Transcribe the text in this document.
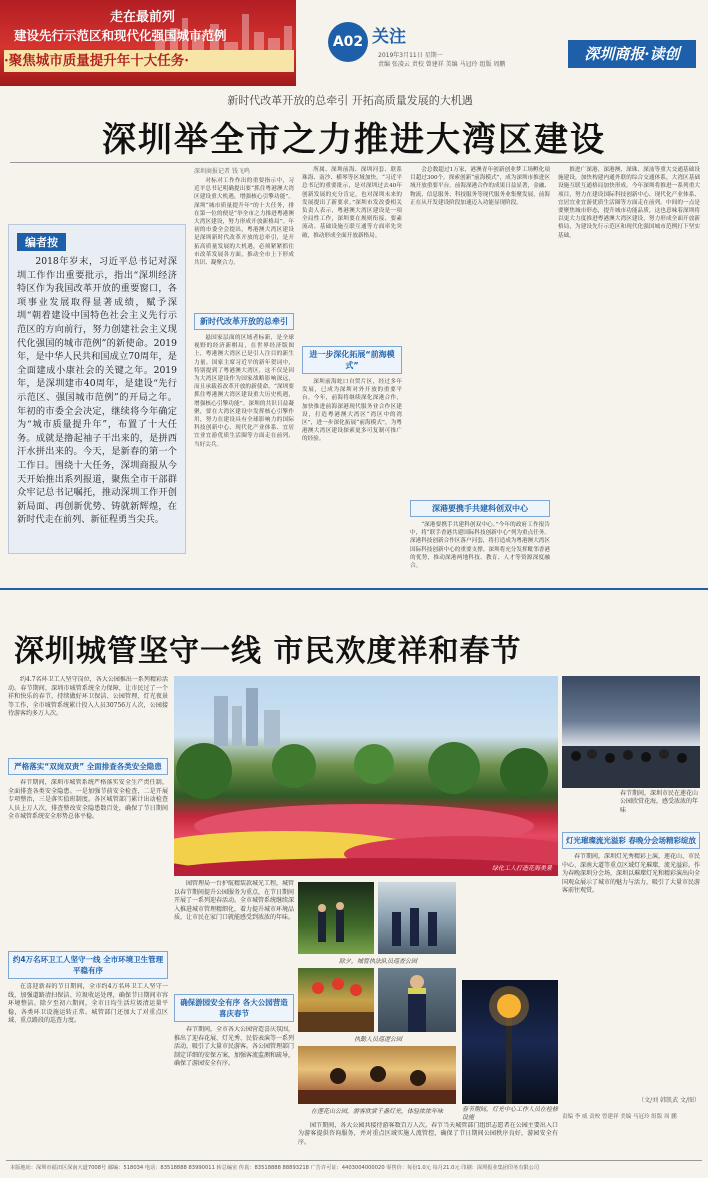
走在最前列
建设先行示范区和现代化强国城市范例
·聚焦城市质量提升年十大任务·
A02 关注
2019年3月11日 星期一
责编 张凌云 责校 曾建祥 美编 马冠玲 组版 周鹏
深圳商报·读创
新时代改革开放的总牵引 开拓高质量发展的大机遇
深圳举全市之力推进大湾区建设
编者按
2018年岁末，习近平总书记对深圳工作作出重要批示，指出“深圳经济特区作为我国改革开放的重要窗口，各项事业发展取得显著成绩，赋予深圳“朝着建设中国特色社会主义先行示范区的方向前行，努力创建社会主义现代化强国的城市范例”的新使命。2019年，是中华人民共和国成立70周年，是全面建成小康社会的关键之年。2019年，是深圳建市40周年，是建设“先行示范区、强国城市范例”的开局之年。年初的市委全会决定，继续将今年确定为“城市质量提升年”，布置了十大任务。成就是撸起袖子干出来的，是拼西汗水拼出来的。今天，是新春的第一个工作日。围绕十大任务，深圳商报从今天开始推出系列报道，聚焦全市干部群众牢记总书记嘱托，推动深圳工作开创新局面、再创新优势、铸就新辉煌，在新时代走在前列、新征程勇当尖兵。
深圳商报记者 钱飞鸣
对标对工作作出的重要指示中，习近平总书记明确提出要“抓住粤港澳大湾区建设重大机遇，增强核心引擎功能”。深圳“城市质量提升年”的十大任务，排在第一位的便是“举全市之力推进粤港澳大湾区建设，努力形成开放新格局”。年初的市委全会提出，粤港澳大湾区建设是深圳新时代改革开放的总牵引，是开拓高质量发展的大机遇，必须紧紧抓住市改革发展各方面，推动全市上下形成共识、凝聚合力。
新时代改革开放的总牵引
悬国家层面的区域者标新，是全球视野的经济新棋局，在世界经济版图上，粤港澳大湾区已是引人注目的新生力量。国家主席习近平的新年贺词中，特别提到了粤港澳大湾区，这不仅是因为大湾区建设作为国家战略影响深远，而且承载着改革开放的新使命。“深圳要抓住粤港澳大湾区建设重大历史机遇，增强核心引擎功能”。深圳的共识日益凝聚，要在大湾区建设中发挥核心引擎作用，努力在建设具有全球影响力的国际科技创新中心、现代化产业体系、宜居宜业宜游优质生活圈等方面走在前列、当好尖兵。
所属、深圳前海、深圳河套、联系珠海、南沙、横琴等区域加快。“习近平总书记的重要批示，是对深圳过去40年创新发展的充分肯定，也对深圳未来的发展提出了新要求。”深圳市发改委相关负责人表示，粤港澳大湾区建设是一项全局性工作，深圳要在规则衔接、要素流动、基础设施互联互通等方面率先突破，推动形成全面开放新格局。
进一步深化拓展“前海模式”
深圳前海蛇口自贸片区，经过多年发展，已成为深圳对外开放的重要平台。今年，前海将继续深化深港合作，加快推进前海深港现代服务业合作区建设，打造粤港澳大湾区“湾区中的湾区”，进一步深化拓展“前海模式”，为粤港澳大湾区建设探索更多可复制可推广的经验。
会总数超过1万家，港澳青年创新创业梦工场孵化项目超过300个。探索创新“前海模式”，成为深圳市推进区域开放重要平台。前海深港合作的成果日益显著，金融、物流、信息服务、科技服务等现代服务业集聚发展，前海正在从开发建设阶段加速迈入功能显现阶段。
深港要携手共建科创双中心
“深港要携手共建科创双中心。”今年的政府工作报告中，将“联手香港共建国际科技创新中心”列为重点任务。深港科技创新合作区落户河套，将打造成为粤港澳大湾区国际科技创新中心的重要支撑。深圳将充分发挥毗邻香港的优势，推动深港两地科技、教育、人才等资源深度融合。
推进广深港、深港澳、深珠、深汕等重大交通基础设施建设，加快构建内通外联的综合交通体系，大湾区基础设施互联互通格局加快形成。今年深圳将推进一系列重大项目，努力在建设国际科技创新中心、现代化产业体系、宜居宜业宜游优质生活圈等方面走在前列。中间的一点是要聚焦城市形态，提升城市功能品质。这也意味着深圳将以更大力度推进粤港澳大湾区建设，努力形成全面开放新格局，为建设先行示范区和现代化强国城市范例打下坚实基础。
深圳城管坚守一线 市民欢度祥和春节
约4.7名环卫工人坚守岗位，各大公园推出一系列精彩活动。春节期间，深圳市城管系统全力保障，让市民过了一个祥和快乐的春节，持续做好环卫保洁、公园管理、灯光夜景等工作，全市城管系统累计投入人员30756万人次，公园接待游客约多万人次。
严格落实“双岗双责” 全面排查各类安全隐患
春节期间，深圳市城管系统严格落实安全生产责任制，全面排查各类安全隐患。一是加强节前安全检查，二是开展专项整治，三是落实值班制度。各区城管部门累计出动检查人员上万人次，排查整改安全隐患数百处，确保了节日期间全市城管系统安全形势总体平稳。
约4万名环卫工人坚守一线 全市环境卫生管理平稳有序
在喜迎新春的节日期间，全市约4万名环卫工人坚守一线，加强道路清扫保洁、垃圾收运处理，确保节日期间市容环境整洁。除夕至初六期间，全市日均生活垃圾清运量平稳，各类环卫设施运转正常。城管部门还加大了对重点区域、重点路段的巡查力度。
绿化工人打造花海美景
春节期间，深圳市民在莲花山公园欣赏花海，感受浓浓的年味
园管理局一台护航精装款城光工程，城管以春节期间提升公园服务为重点，在节日期间开展了一系列迎春活动。全市城管系统继续深入推进城市管理精细化，着力提升城市环境品质，让市民在家门口就能感受到浓浓的年味。
确保游园安全有序 各大公园营造喜庆春节
春节期间，全市各大公园营造喜庆氛围，推出了迎春花展、灯光秀、民俗表演等一系列活动，吸引了大量市民游客。各公园管理部门制定详细的安保方案，加强客流监测和疏导，确保了游园安全有序。
除夕，城管执法队员巡查公园
执勤人员巡逻公园
在莲花山公园，游客欣赏千盏灯光，体验浓浓年味	春节期间，灯光中心工作人员在检修设施
园节期间，各大公园共接待游客数百万人次。春节当天城管部门组织志愿者在公园主要出入口为游客提供咨询服务，并对重点区域实施人流管控，确保了节日期间公园秩序良好，游园安全有序。
灯光璀璨流光溢彩 春晚分会场精彩绽放
春节期间，深圳灯光秀精彩上演，莲花山、市民中心、深南大道等重点区域灯光璀璨，流光溢彩。作为春晚深圳分会场，深圳以璀璨灯光和精彩演出向全国观众展示了城市的魅力与活力，吸引了大量市民游客前往观赏。
（文/刘 韩凯武 文/图）
责编 李 威 责校 曾建祥 美编 马冠玲 组版 周 鹏
本版地址：深圳市福田区深南大道7008号 邮编：518034 电话：83518888 83990011 转总编室 传真：83518888 88893218 广告许可证：4403004000020 零售价：每份1.0元 每月21.0元 印刷：深圳报业集团印务有限公司
